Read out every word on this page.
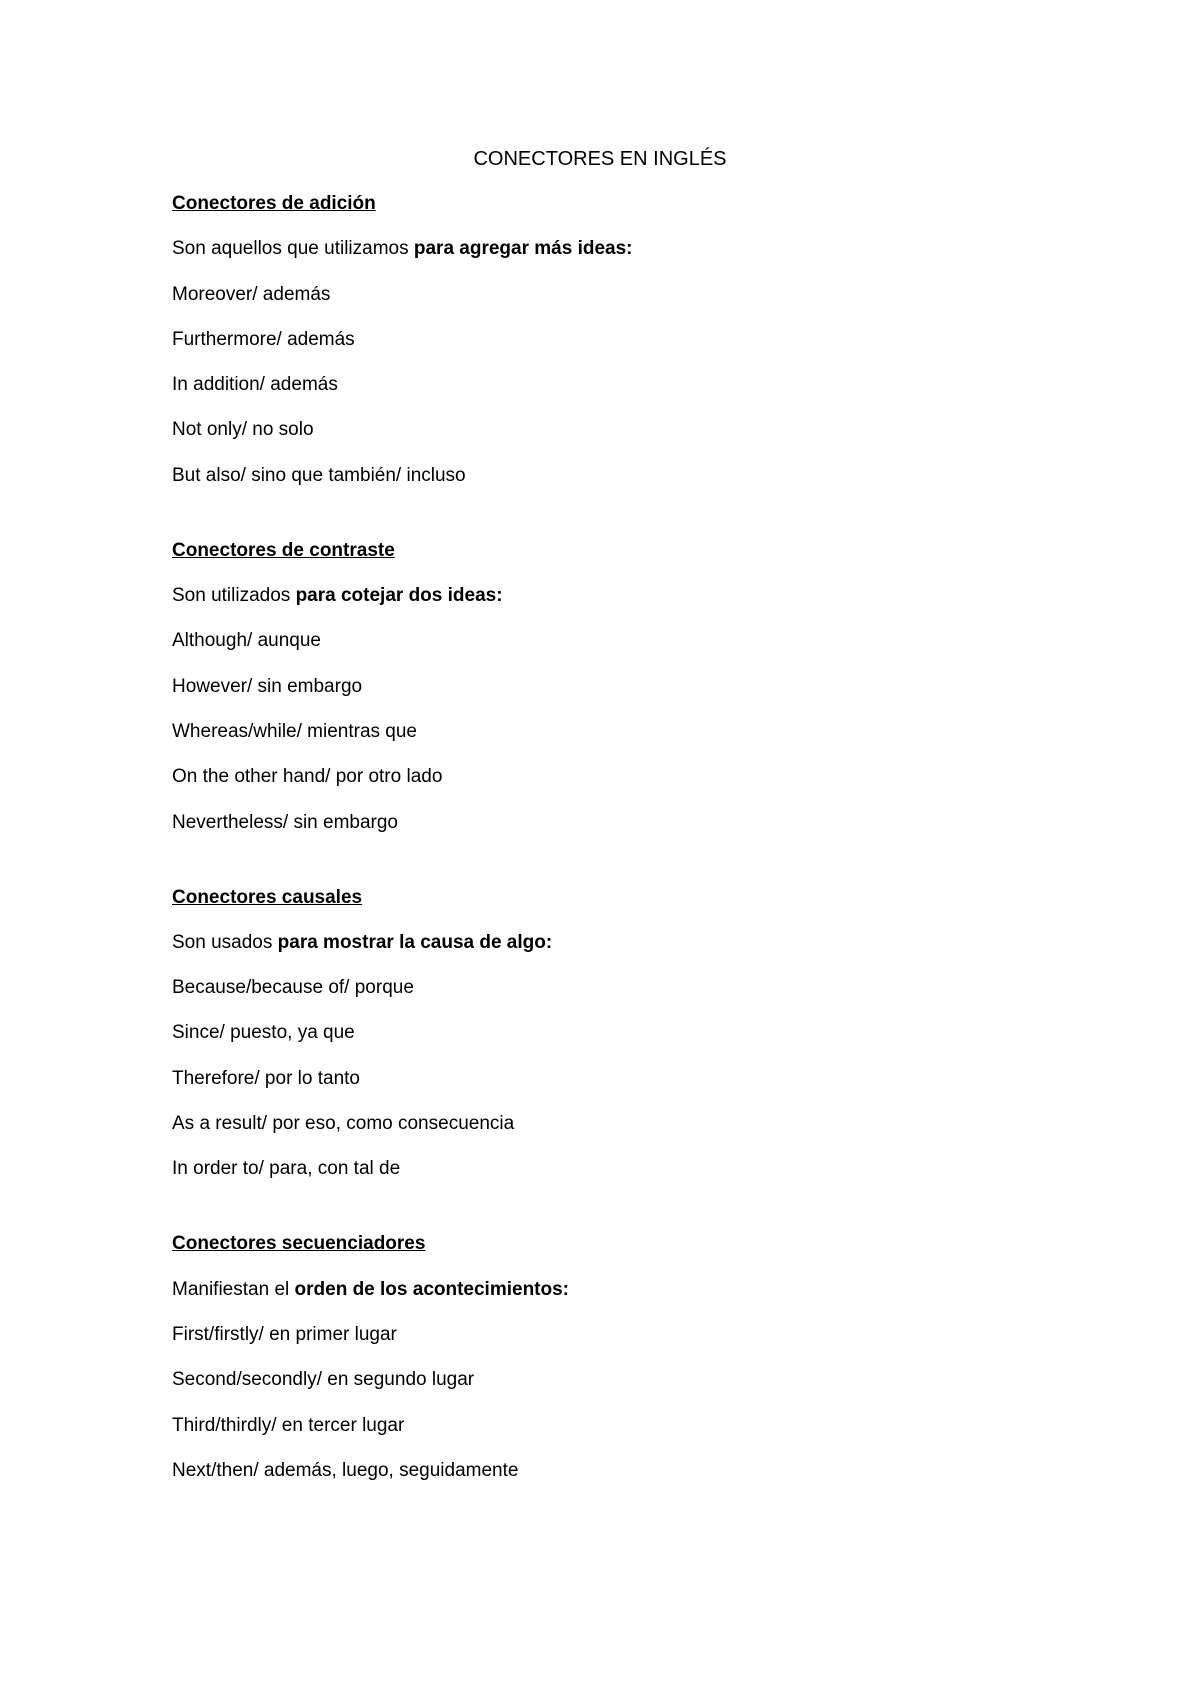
CONECTORES EN INGLÉS
Conectores de adición
Son aquellos que utilizamos para agregar más ideas:
Moreover/ además
Furthermore/ además
In addition/ además
Not only/ no solo
But also/ sino que también/ incluso
Conectores de contraste
Son utilizados para cotejar dos ideas:
Although/ aunque
However/ sin embargo
Whereas/while/ mientras que
On the other hand/ por otro lado
Nevertheless/ sin embargo
Conectores causales
Son usados para mostrar la causa de algo:
Because/because of/ porque
Since/ puesto, ya que
Therefore/ por lo tanto
As a result/ por eso, como consecuencia
In order to/ para, con tal de
Conectores secuenciadores
Manifiestan el orden de los acontecimientos:
First/firstly/ en primer lugar
Second/secondly/ en segundo lugar
Third/thirdly/ en tercer lugar
Next/then/ además, luego, seguidamente
